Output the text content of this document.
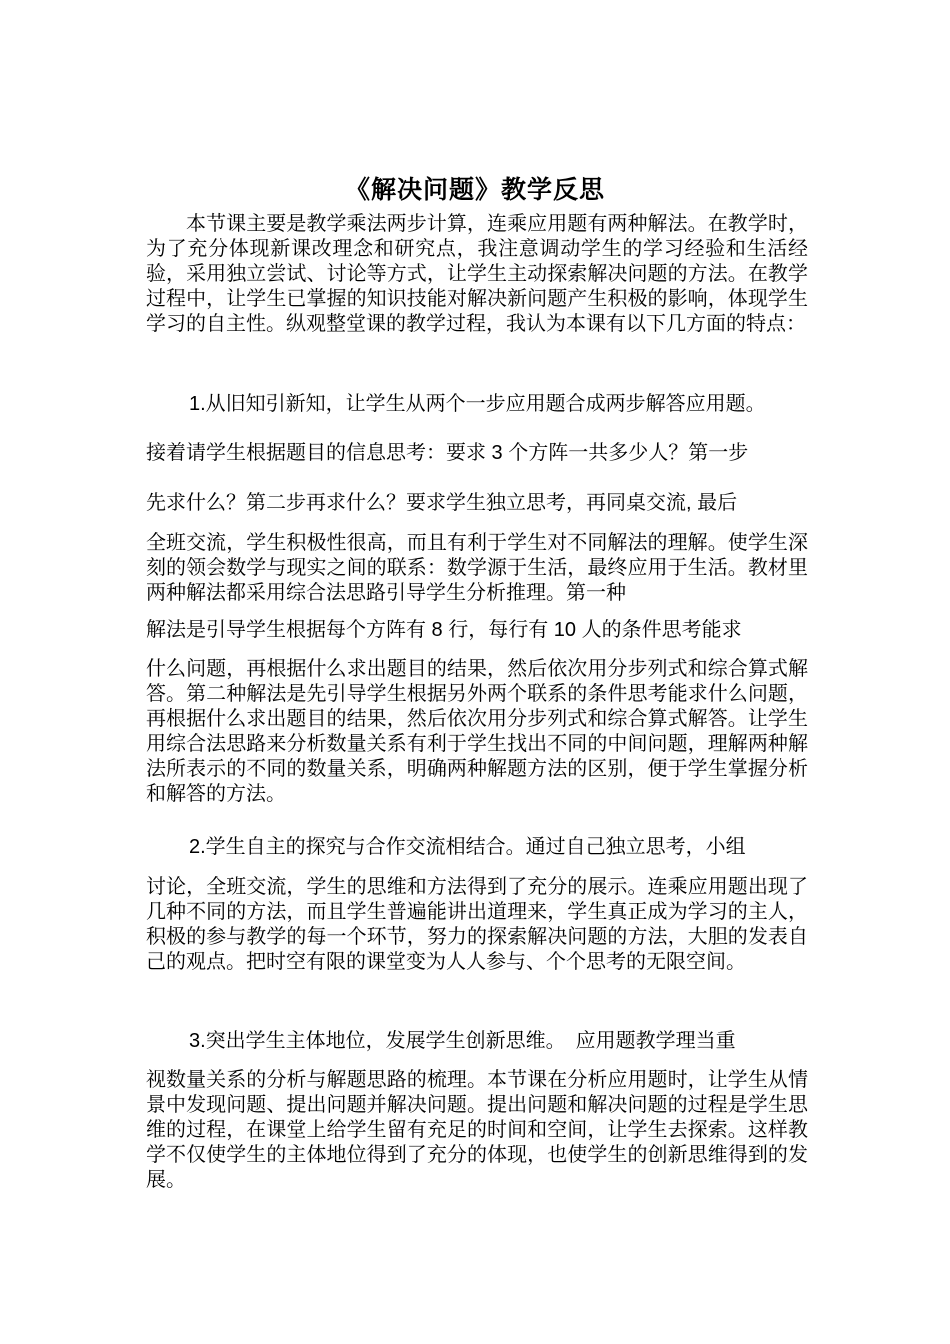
《解决问题》教学反思

本节课主要是教学乘法两步计算，连乘应用题有两种解法。在教学时，为了充分体现新课改理念和研究点，我注意调动学生的学习经验和生活经验，采用独立尝试、讨论等方式，让学生主动探索解决问题的方法。在教学过程中，让学生已掌握的知识技能对解决新问题产生积极的影响，体现学生学习的自主性。纵观整堂课的教学过程，我认为本课有以下几方面的特点：

1.从旧知引新知，让学生从两个一步应用题合成两步解答应用题。

接着请学生根据题目的信息思考：要求 3 个方阵一共多少人？第一步

先求什么？第二步再求什么？要求学生独立思考，再同桌交流, 最后

全班交流，学生积极性很高，而且有利于学生对不同解法的理解。使学生深刻的领会数学与现实之间的联系：数学源于生活，最终应用于生活。教材里两种解法都采用综合法思路引导学生分析推理。第一种

解法是引导学生根据每个方阵有 8 行，每行有 10 人的条件思考能求

什么问题，再根据什么求出题目的结果，然后依次用分步列式和综合算式解答。第二种解法是先引导学生根据另外两个联系的条件思考能求什么问题，再根据什么求出题目的结果，然后依次用分步列式和综合算式解答。让学生用综合法思路来分析数量关系有利于学生找出不同的中间问题，理解两种解法所表示的不同的数量关系，明确两种解题方法的区别，便于学生掌握分析和解答的方法。

2.学生自主的探究与合作交流相结合。通过自己独立思考，小组

讨论，全班交流，学生的思维和方法得到了充分的展示。连乘应用题出现了几种不同的方法，而且学生普遍能讲出道理来，学生真正成为学习的主人，积极的参与教学的每一个环节，努力的探索解决问题的方法，大胆的发表自己的观点。把时空有限的课堂变为人人参与、个个思考的无限空间。

3.突出学生主体地位，发展学生创新思维。　应用题教学理当重

视数量关系的分析与解题思路的梳理。本节课在分析应用题时，让学生从情景中发现问题、提出问题并解决问题。提出问题和解决问题的过程是学生思维的过程，在课堂上给学生留有充足的时间和空间，让学生去探索。这样教学不仅使学生的主体地位得到了充分的体现，也使学生的创新思维得到的发展。
